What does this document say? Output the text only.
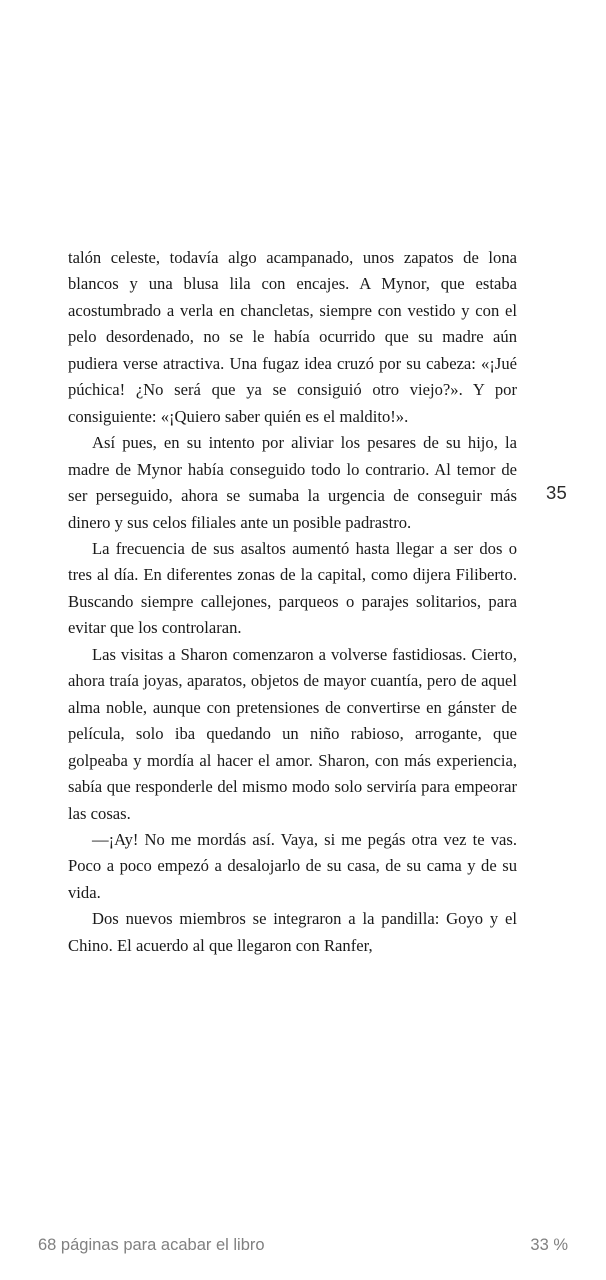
talón celeste, todavía algo acampanado, unos zapatos de lona blancos y una blusa lila con encajes. A Mynor, que estaba acostumbrado a verla en chancletas, siempre con vestido y con el pelo desordenado, no se le había ocurrido que su madre aún pudiera verse atractiva. Una fugaz idea cruzó por su cabeza: «¡Jué púchica! ¿No será que ya se consiguió otro viejo?». Y por consiguiente: «¡Quiero saber quién es el maldito!».

Así pues, en su intento por aliviar los pesares de su hijo, la madre de Mynor había conseguido todo lo contrario. Al temor de ser perseguido, ahora se sumaba la urgencia de conseguir más dinero y sus celos filiales ante un posible padrastro.

La frecuencia de sus asaltos aumentó hasta llegar a ser dos o tres al día. En diferentes zonas de la capital, como dijera Filiberto. Buscando siempre callejones, parqueos o parajes solitarios, para evitar que los controlaran.

Las visitas a Sharon comenzaron a volverse fastidiosas. Cierto, ahora traía joyas, aparatos, objetos de mayor cuantía, pero de aquel alma noble, aunque con pretensiones de convertirse en gánster de película, solo iba quedando un niño rabioso, arrogante, que golpeaba y mordía al hacer el amor. Sharon, con más experiencia, sabía que responderle del mismo modo solo serviría para empeorar las cosas.

—¡Ay! No me mordás así. Vaya, si me pegás otra vez te vas. Poco a poco empezó a desalojarlo de su casa, de su cama y de su vida.

Dos nuevos miembros se integraron a la pandilla: Goyo y el Chino. El acuerdo al que llegaron con Ranfer,

35
68 páginas para acabar el libro	33 %
